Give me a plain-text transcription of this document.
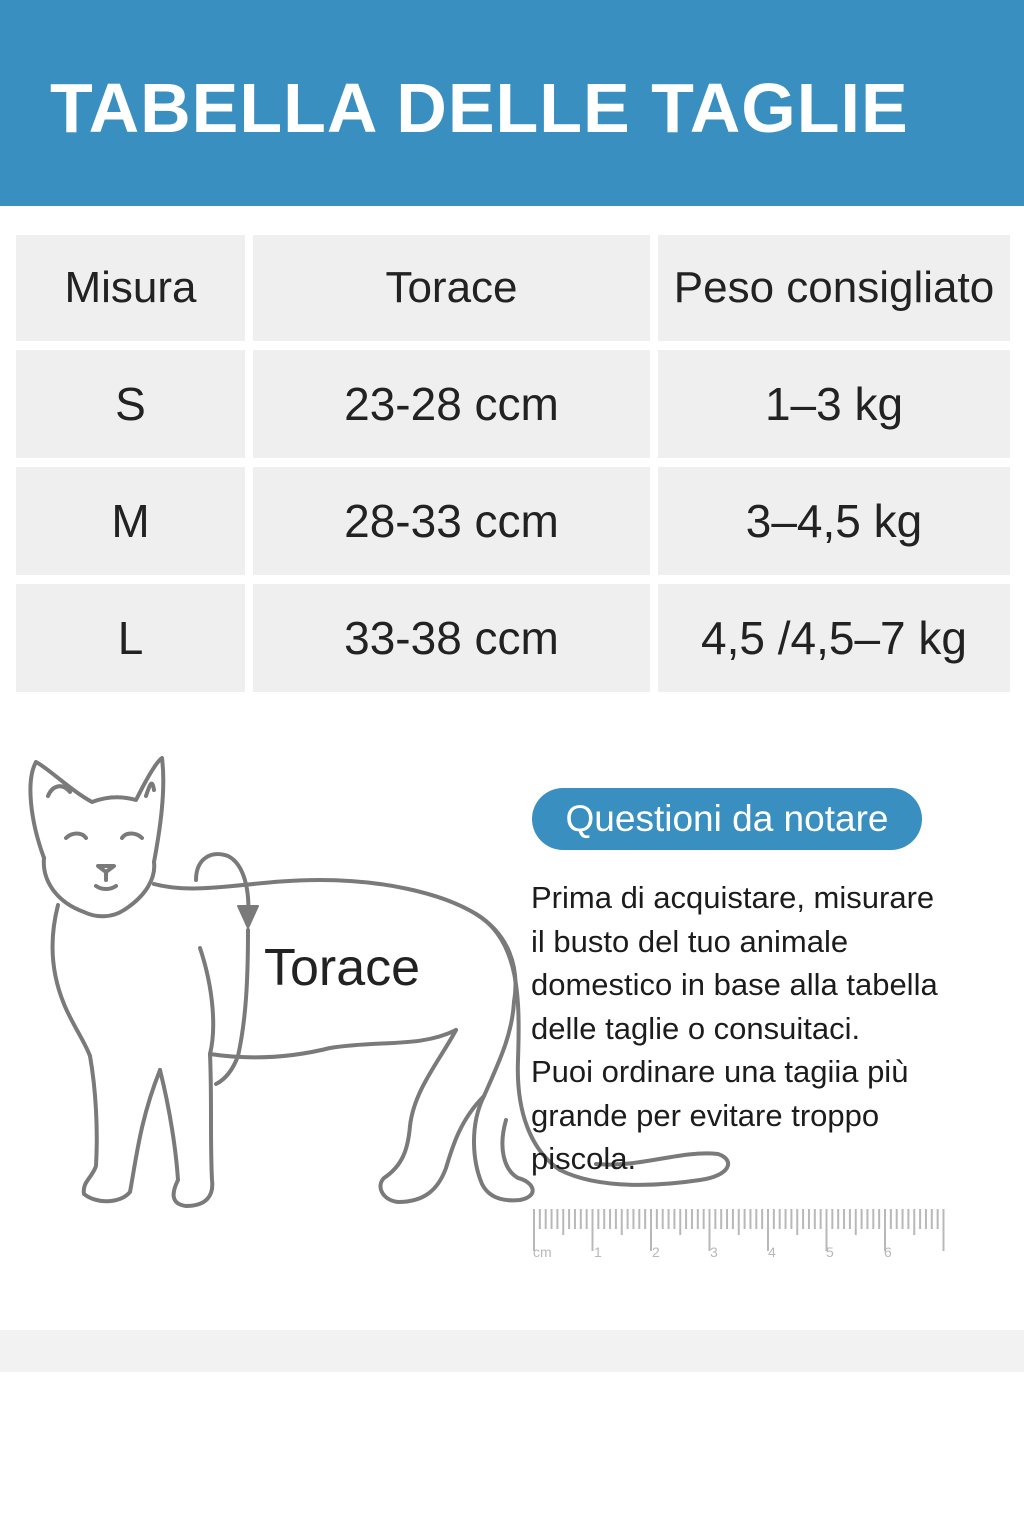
TABELLA DELLE TAGLIE
Misura	Torace	Peso consigliato
S	23-28 ccm	1–3 kg
M	28-33 ccm	3–4,5 kg
L	33-38 ccm	4,5 /4,5–7 kg
Torace
Questioni da notare

Prima di acquistare, misurare
il busto del tuo animale
domestico in base alla tabella
delle taglie o consuitaci.
Puoi ordinare una tagiia più
grande per evitare troppo
piscola.

cm	1	2	3	4	5	6
